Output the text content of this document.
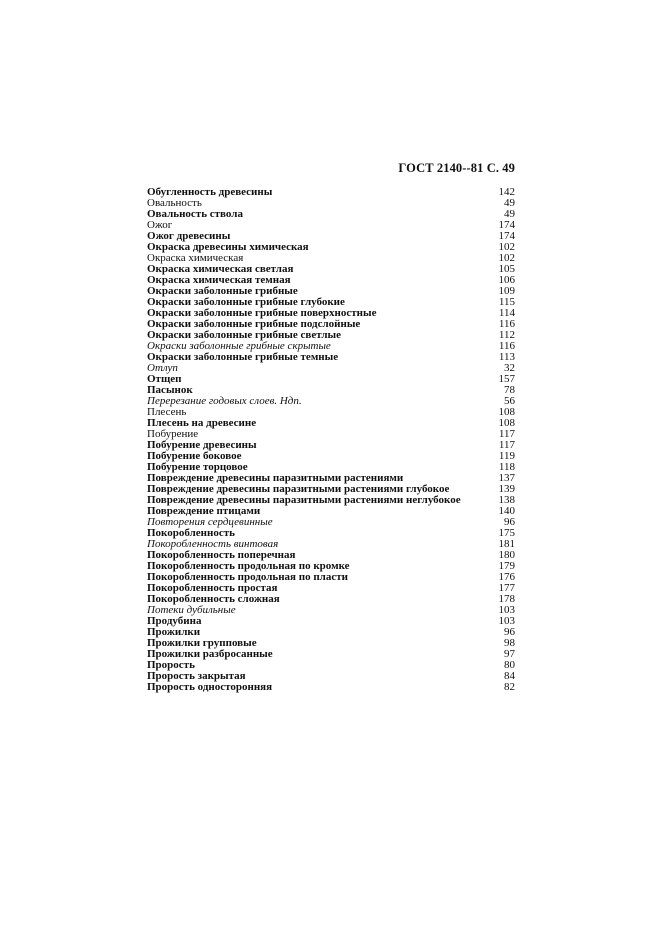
ГОСТ 2140--81 С. 49
Обугленность древесины	142
Овальность	49
Овальность ствола	49
Ожог	174
Ожог древесины	174
Окраска древесины химическая	102
Окраска химическая	102
Окраска химическая светлая	105
Окраска химическая темная	106
Окраски заболонные грибные	109
Окраски заболонные грибные глубокие	115
Окраски заболонные грибные поверхностные	114
Окраски заболонные грибные подслойные	116
Окраски заболонные грибные светлые	112
Окраски заболонные грибные скрытые	116
Окраски заболонные грибные темные	113
Отлуп	32
Отщеп	157
Пасынок	78
Перерезание годовых слоев. Ндп.	56
Плесень	108
Плесень на древесине	108
Побурение	117
Побурение древесины	117
Побурение боковое	119
Побурение торцовое	118
Повреждение древесины паразитными растениями	137
Повреждение древесины паразитными растениями глубокое	139
Повреждение древесины паразитными растениями неглубокое	138
Повреждение птицами	140
Повторения сердцевинные	96
Покоробленность	175
Покоробленность винтовая	181
Покоробленность поперечная	180
Покоробленность продольная по кромке	179
Покоробленность продольная по пласти	176
Покоробленность простая	177
Покоробленность сложная	178
Потеки дубильные	103
Продубина	103
Прожилки	96
Прожилки групповые	98
Прожилки разбросанные	97
Прорость	80
Прорость закрытая	84
Прорость односторонняя	82
